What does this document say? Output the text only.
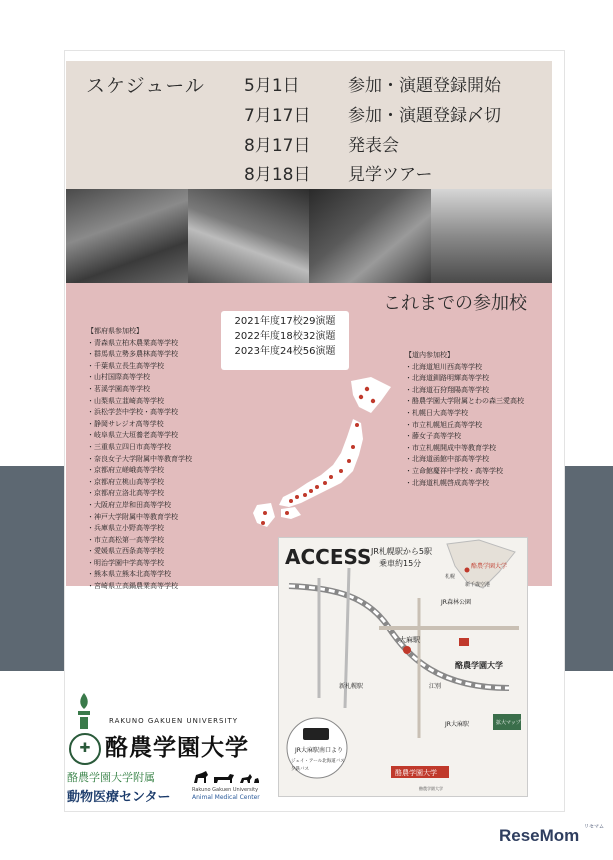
スケジュール 5月1日	参加・演題登録開始
7月17日 参加・演題登録〆切
8月17日 発表会
8月18日 見学ツアー
これまでの参加校
【都府県参加校】
・青森県立柏木農業高等学校
・群馬県立勢多農林高等学校
・千葉県立長生高等学校
・山村国際高等学校
・茗溪学園高等学校
・山梨県立韮崎高等学校
・浜松学芸中学校・高等学校
・静岡サレジオ高等学校
・岐阜県立大垣養老高等学校
・三重県立四日市高等学校
・奈良女子大学附属中等教育学校
・京都府立嵯峨高等学校
・京都府立桃山高等学校
・京都府立洛北高等学校
・大阪府立岸和田高等学校
・神戸大学附属中等教育学校
・兵庫県立小野高等学校
・市立高松第一高等学校
・愛媛県立西条高等学校
・明治学園中学高等学校
・熊本県立熊本北高等学校
・宮崎県立高鍋農業高等学校
2021年度17校29演題
2022年度18校32演題
2023年度24校56演題	【道内参加校】
・北海道旭川西高等学校
・北海道釧路明輝高等学校
・北海道石狩翔陽高等学校
・酪農学園大学附属とわの森三愛高校
・札幌日大高等学校
・市立札幌旭丘高等学校
・藤女子高等学校
・市立札幌開成中等教育学校
・北海道函館中部高等学校
・立命館慶祥中学校・高等学校
・北海道札幌啓成高等学校
ACCESS JR札幌駅から5駅
乗車約15分	酪農学園大学
札幌
新千歳空港
大麻駅
新札幌駅	江別
酪農学園大学
JR大麻駅
JR森林公園
拡大マップ
JR大麻駅南口より
ジェイ・アール北海道バス
夕鉄バス	酪農学園大学
酪農学園大学
✚
RAKUNO GAKUEN UNIVERSITY
酪農学園大学
酪農学園大学附属
動物医療センター	Rakuno Gakuen University
Animal Medical Center
ReseMom リセマム
